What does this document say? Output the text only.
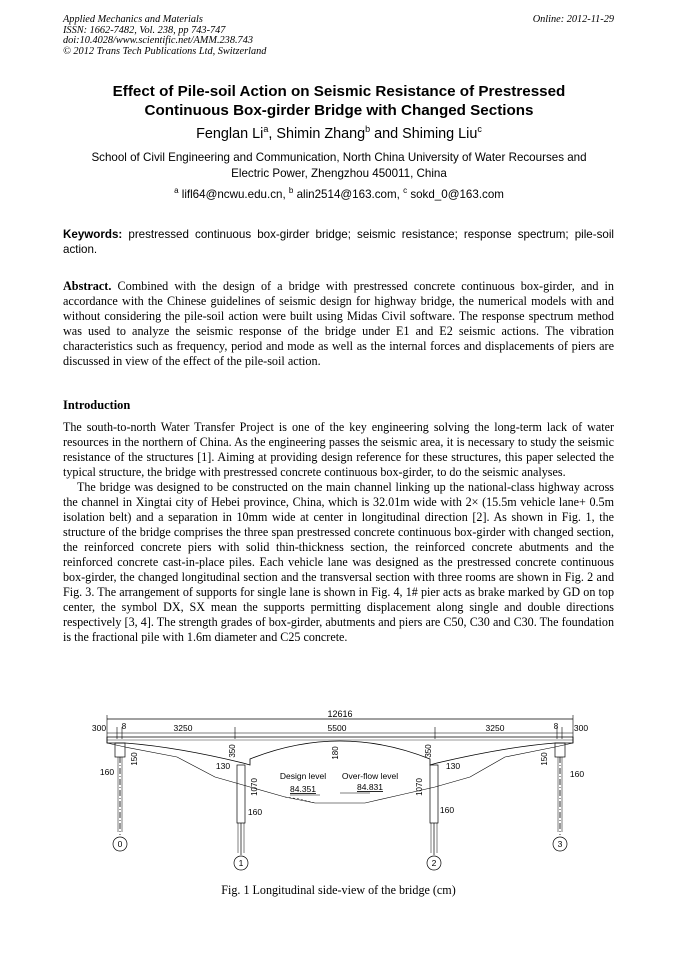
Applied Mechanics and Materials
ISSN: 1662-7482, Vol. 238, pp 743-747
doi:10.4028/www.scientific.net/AMM.238.743
© 2012 Trans Tech Publications Ltd, Switzerland
Online: 2012-11-29
Effect of Pile-soil Action on Seismic Resistance of Prestressed
Continuous Box-girder Bridge with Changed Sections
Fenglan Li$^a$, Shimin Zhang$^b$ and Shiming Liu$^c$
School of Civil Engineering and Communication, North China University of Water Recourses and
Electric Power, Zhengzhou 450011, China
$^a$ lifl64@ncwu.edu.cn, $^b$ alin2514@163.com, $^c$ sokd_0@163.com
Keywords: prestressed continuous box-girder bridge; seismic resistance; response spectrum; pile-soil action.
Abstract. Combined with the design of a bridge with prestressed concrete continuous box-girder, and in accordance with the Chinese guidelines of seismic design for highway bridge, the numerical models with and without considering the pile-soil action were built using Midas Civil software. The response spectrum method was used to analyze the seismic response of the bridge under E1 and E2 seismic actions. The vibration characteristics such as frequency, period and mode as well as the internal forces and displacements of piers are discussed in view of the effect of the pile-soil action.
Introduction

The south-to-north Water Transfer Project is one of the key engineering solving the long-term lack of water resources in the northern of China. As the engineering passes the seismic area, it is necessary to study the seismic resistance of the structures [1]. Aiming at providing design reference for these structures, this paper selected the typical structure, the bridge with prestressed concrete continuous box-girder, to do the seismic analyses.

The bridge was designed to be constructed on the main channel linking up the national-class highway across the channel in Xingtai city of Hebei province, China, which is 32.01m wide with 2× (15.5m vehicle lane+ 0.5m isolation belt) and a separation in 10mm wide at center in longitudinal direction [2]. As shown in Fig. 1, the structure of the bridge comprises the three span prestressed concrete continuous box-girder with changed section, the reinforced concrete piers with solid thin-thickness section, the reinforced concrete abutments and the reinforced concrete cast-in-place piles. Each vehicle lane was designed as the prestressed concrete continuous box-girder, the changed longitudinal section and the transversal section with three rooms are shown in Fig. 2 and Fig. 3. The arrangement of supports for single lane is shown in Fig. 4, 1# pier acts as brake marked by GD on top center, the symbol DX, SX mean the supports permitting displacement along single and double directions respectively [3, 4]. The strength grades of box-girder, abutments and piers are C50, C30 and C30. The foundation is the fractional pile with 1.6m diameter and C25 concrete.

12616
300 8	3250	5500	3250	8 300
Design level
84.351
Over-flow level
84.831
150
350	180	350
150
160
130
1070
160
1070
130
160
160
0
1	2
3
Fig. 1 Longitudinal side-view of the bridge (cm)
